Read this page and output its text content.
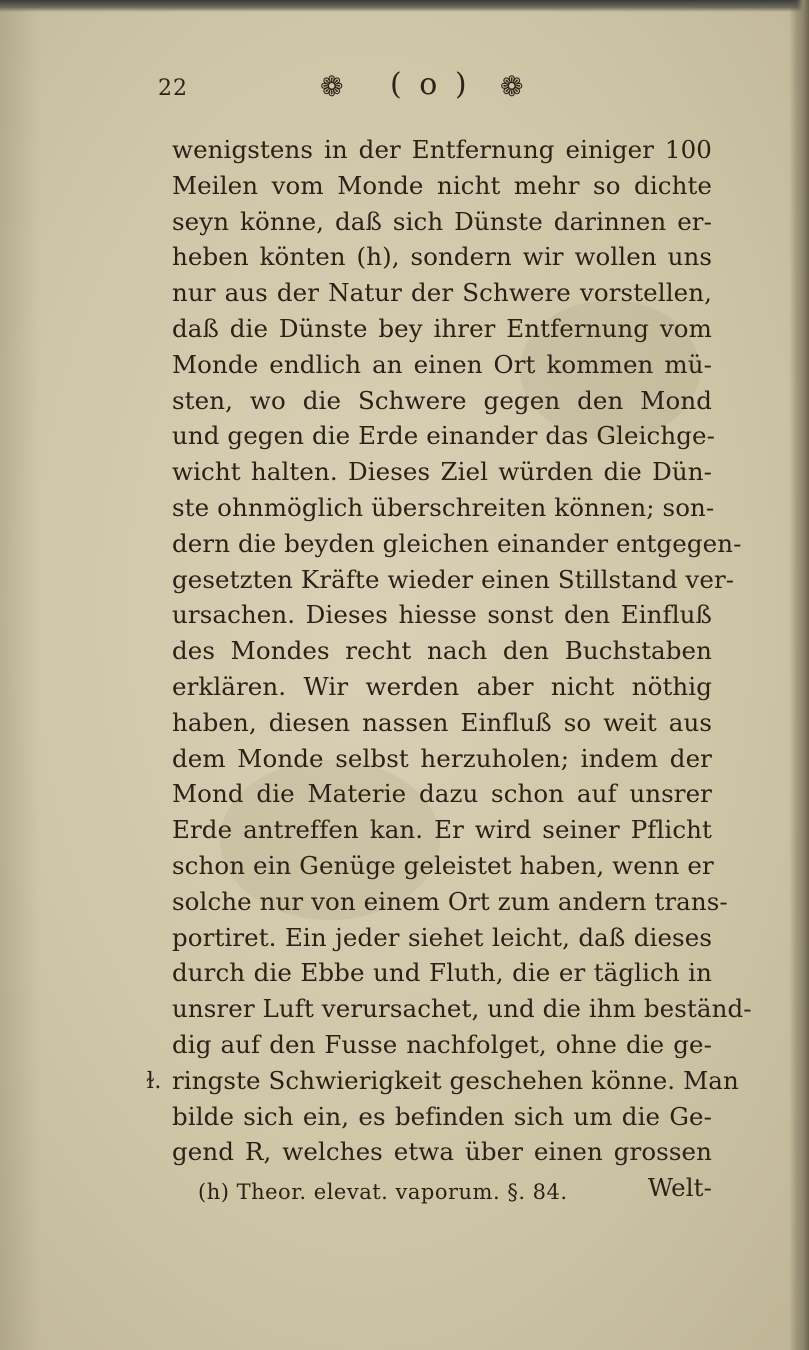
22	❁ ( o ) ❁
wenigstens in der Entfernung einiger 100
Meilen vom Monde nicht mehr so dichte
seyn könne, daß sich Dünste darinnen er-
heben könten (h), sondern wir wollen uns
nur aus der Natur der Schwere vorstellen,
daß die Dünste bey ihrer Entfernung vom
Monde endlich an einen Ort kommen mü-
sten, wo die Schwere gegen den Mond
und gegen die Erde einander das Gleichge-
wicht halten. Dieses Ziel würden die Dün-
ste ohnmöglich überschreiten können; son-
dern die beyden gleichen einander entgegen-
gesetzten Kräfte wieder einen Stillstand ver-
ursachen. Dieses hiesse sonst den Einfluß
des Mondes recht nach den Buchstaben
erklären. Wir werden aber nicht nöthig
haben, diesen nassen Einfluß so weit aus
dem Monde selbst herzuholen; indem der
Mond die Materie dazu schon auf unsrer
Erde antreffen kan. Er wird seiner Pflicht
schon ein Genüge geleistet haben, wenn er
solche nur von einem Ort zum andern trans-
portiret. Ein jeder siehet leicht, daß dieses
durch die Ebbe und Fluth, die er täglich in
unsrer Luft verursachet, und die ihm beständ-
dig auf den Fusse nachfolget, ohne die ge-
ringste Schwierigkeit geschehen könne. Man
bilde sich ein, es befinden sich um die Ge-
gend R, welches etwa über einen grossen
Welt-
ɫ.
(h) Theor. elevat. vaporum. §. 84.
